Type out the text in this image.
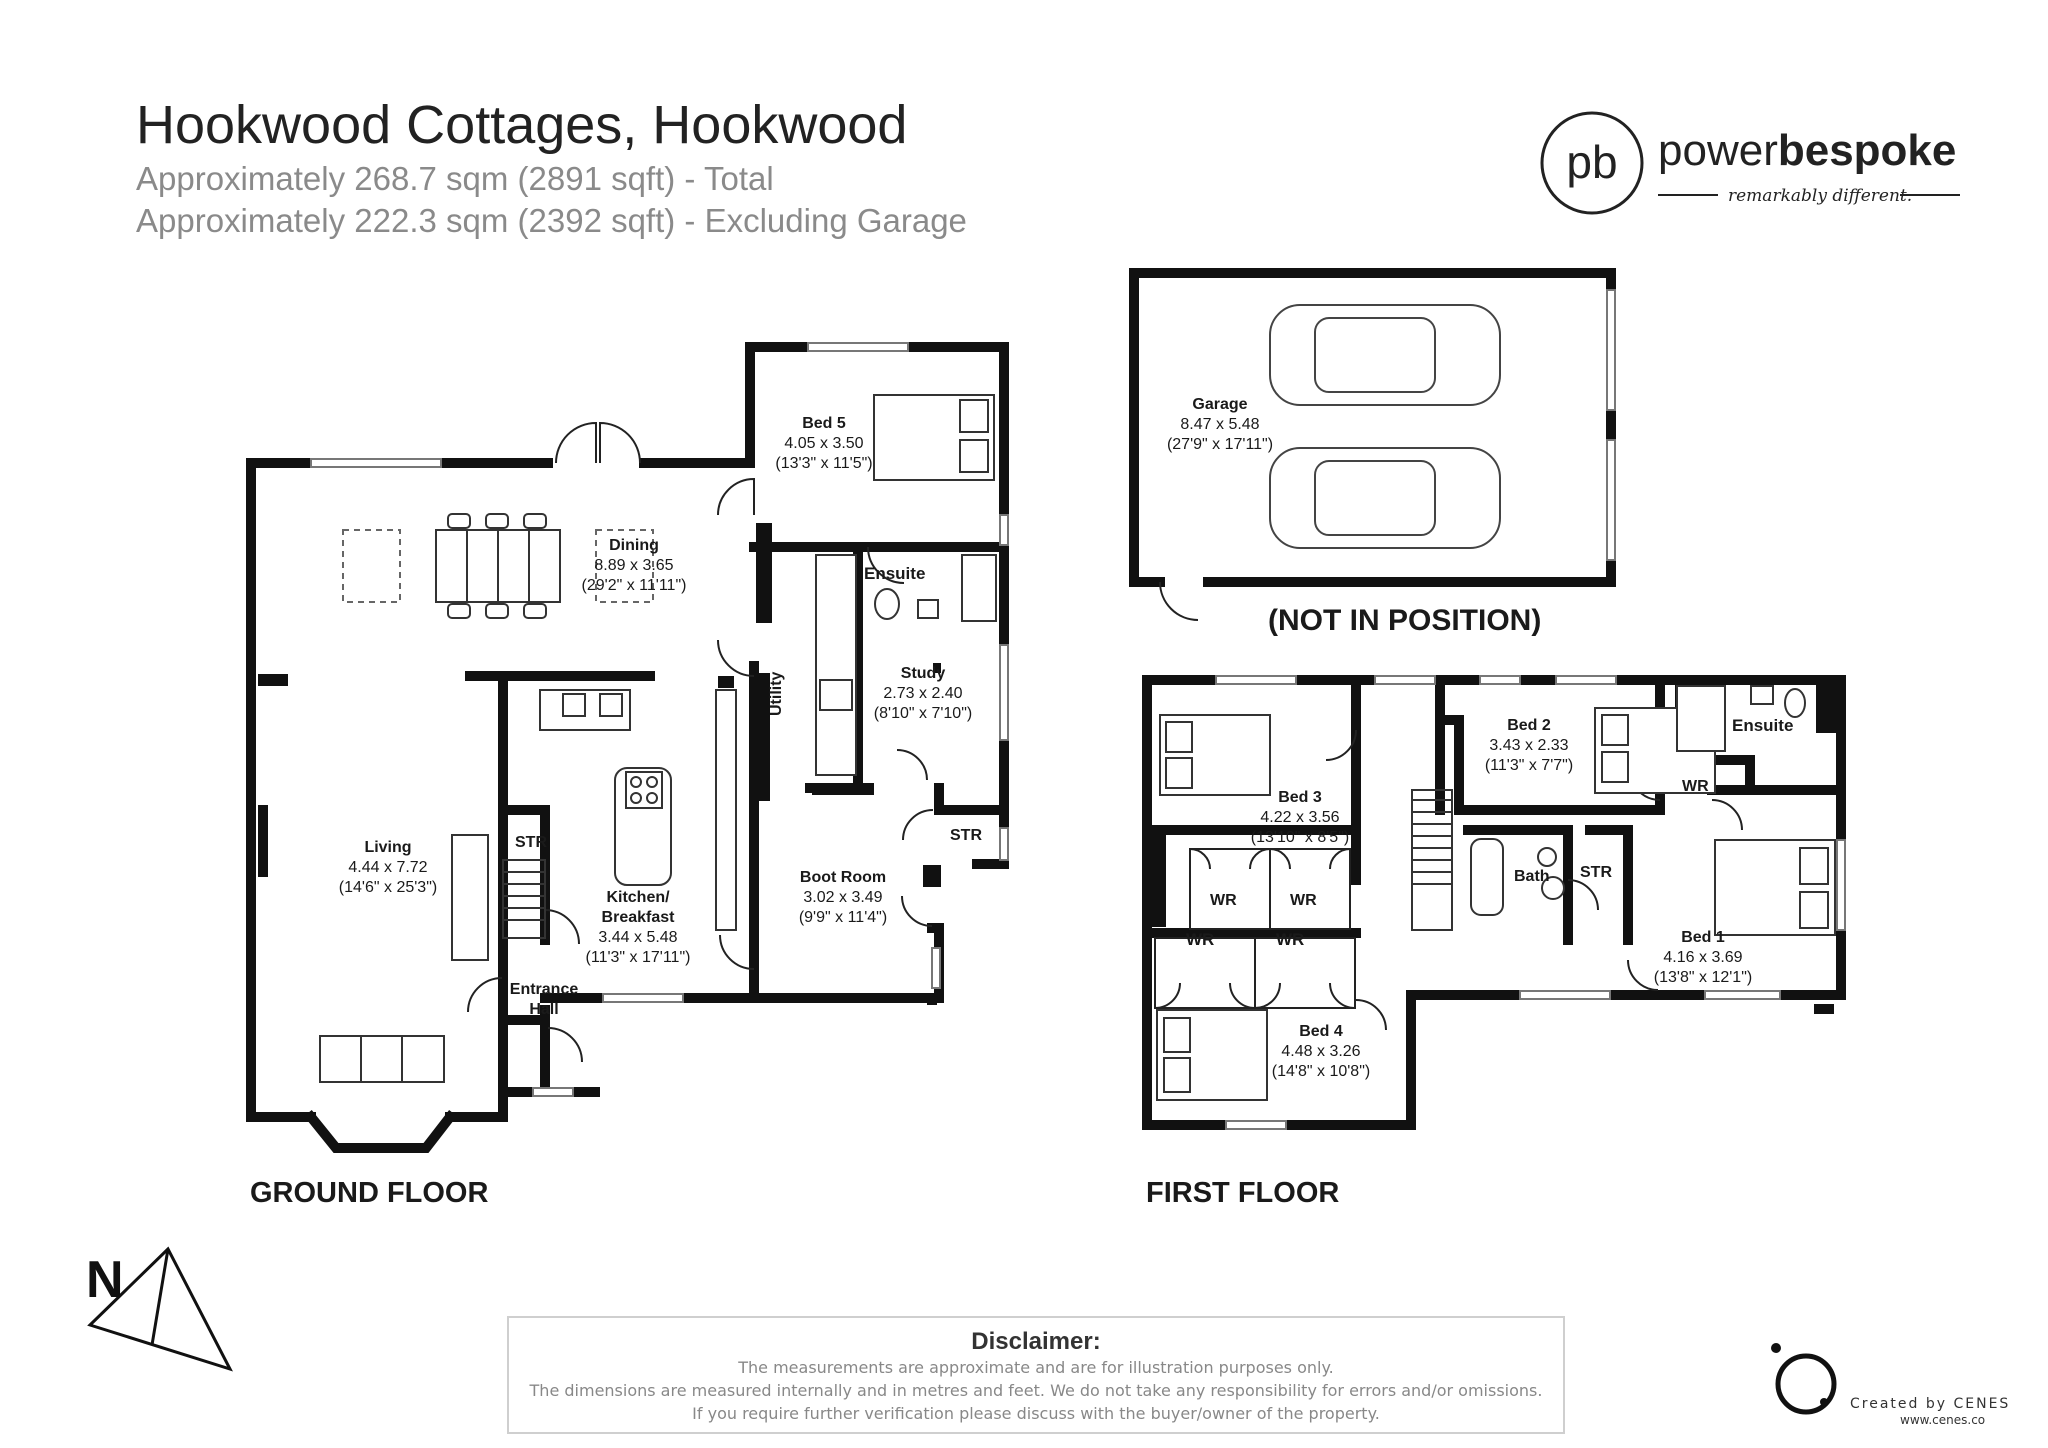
Hookwood Cottages, Hookwood
Approximately 268.7 sqm (2891 sqft) - Total
Approximately 222.3 sqm (2392 sqft) - Excluding Garage
pb powerbespoke
remarkably different.
Living
4.44 x 7.72
(14'6" x 25'3")
Dining
8.89 x 3.65
(29'2" x 11'11")
Bed 5
4.05 x 3.50
(13'3" x 11'5")
Ensuite
Study
2.73 x 2.40
(8'10" x 7'10")
Utility
Kitchen/ Breakfast
3.44 x 5.48
(11'3" x 17'11")
Boot Room
3.02 x 3.49
(9'9" x 11'4")
STR	STR
Entrance
Hall
Garage
8.47 x 5.48
(27'9" x 17'11")
(NOT IN POSITION)
Bed 3
4.22 x 3.56
(13'10" x 8'5")
Bed 2
3.43 x 2.33
(11'3" x 7'7")
Ensuite
Bed 1
4.16 x 3.69
(13'8" x 12'1")
Bed 4
4.48 x 3.26
(14'8" x 10'8")
Bath STR
WR
WR	WR
WR	WR
GROUND FLOOR	FIRST FLOOR
N
Disclaimer:
The measurements are approximate and are for illustration purposes only.
The dimensions are measured internally and in metres and feet. We do not take any responsibility for errors and/or omissions.
If you require further verification please discuss with the buyer/owner of the property.	Created by CENES
www.cenes.co
